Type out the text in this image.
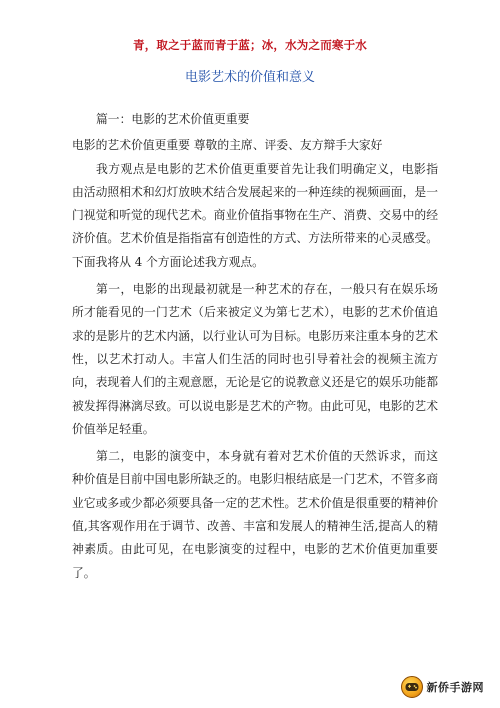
青，取之于蓝而青于蓝；冰，水为之而寒于水
电影艺术的价值和意义

篇一：电影的艺术价值更重要

电影的艺术价值更重要 尊敬的主席、评委、友方辩手大家好

我方观点是电影的艺术价值更重要首先让我们明确定义，电影指由活动照相术和幻灯放映术结合发展起来的一种连续的视频画面，是一门视觉和听觉的现代艺术。商业价值指事物在生产、消费、交易中的经济价值。艺术价值是指指富有创造性的方式、方法所带来的心灵感受。下面我将从 4 个方面论述我方观点。

第一，电影的出现最初就是一种艺术的存在，一般只有在娱乐场所才能看见的一门艺术（后来被定义为第七艺术），电影的艺术价值追求的是影片的艺术内涵，以行业认可为目标。电影历来注重本身的艺术性，以艺术打动人。丰富人们生活的同时也引导着社会的视频主流方向，表现着人们的主观意愿，无论是它的说教意义还是它的娱乐功能都被发挥得淋漓尽致。可以说电影是艺术的产物。由此可见，电影的艺术价值举足轻重。

第二，电影的演变中，本身就有着对艺术价值的天然诉求，而这种价值是目前中国电影所缺乏的。电影归根结底是一门艺术，不管多商业它或多或少都必须要具备一定的艺术性。艺术价值是很重要的精神价值,其客观作用在于调节、改善、丰富和发展人的精神生活,提高人的精神素质。由此可见，在电影演变的过程中，电影的艺术价值更加重要了。

新侨手游网
